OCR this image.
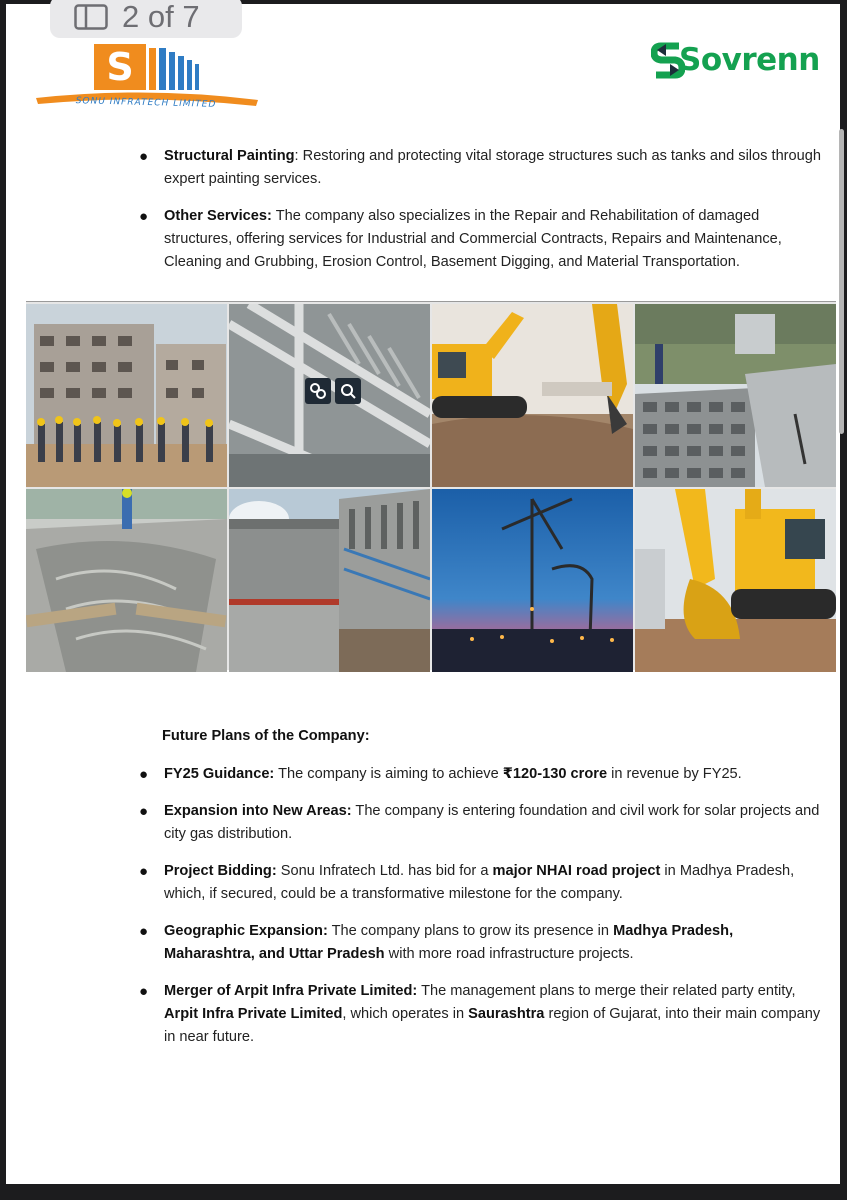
2 of 7
S
SONU INFRATECH LIMITED
Sovrenn
● Structural Painting: Restoring and protecting vital storage structures such as tanks and silos through expert painting services.
● Other Services: The company also specializes in the Repair and Rehabilitation of damaged structures, offering services for Industrial and Commercial Contracts, Repairs and Maintenance, Cleaning and Grubbing, Erosion Control, Basement Digging, and Material Transportation.
Future Plans of the Company:
● FY25 Guidance: The company is aiming to achieve ₹120-130 crore in revenue by FY25.
● Expansion into New Areas: The company is entering foundation and civil work for solar projects and city gas distribution.
● Project Bidding: Sonu Infratech Ltd. has bid for a major NHAI road project in Madhya Pradesh, which, if secured, could be a transformative milestone for the company.
● Geographic Expansion: The company plans to grow its presence in Madhya Pradesh, Maharashtra, and Uttar Pradesh with more road infrastructure projects.
● Merger of Arpit Infra Private Limited: The management plans to merge their related party entity, Arpit Infra Private Limited, which operates in Saurashtra region of Gujarat, into their main company in near future.
